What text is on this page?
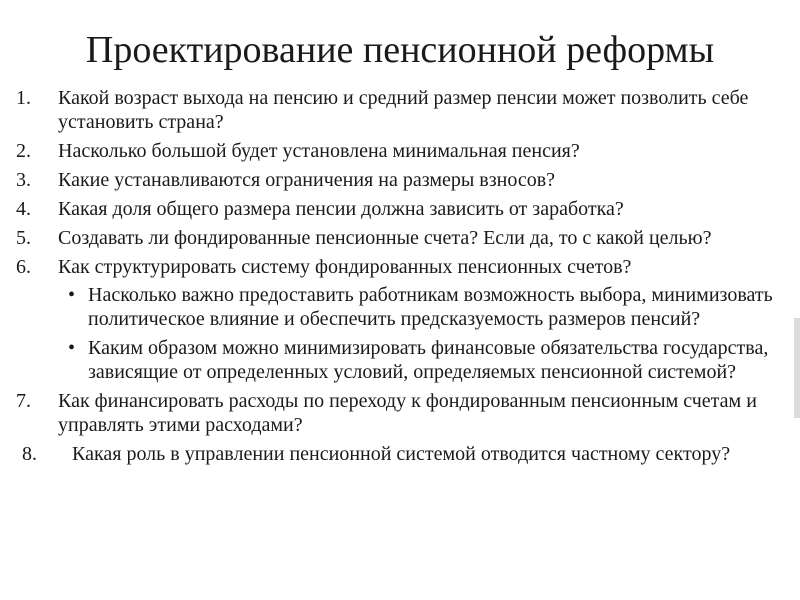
Проектирование пенсионной реформы
1.	Какой возраст выхода на пенсию и средний размер пенсии может позволить себе установить страна?
2.	Насколько большой будет установлена минимальная пенсия?
3.	Какие устанавливаются ограничения на размеры взносов?
4.	Какая доля общего размера пенсии должна зависить от заработка?
5.	Создавать ли фондированные пенсионные счета? Если да, то с какой целью?
6.	Как структурировать систему фондированных пенсионных счетов?
• Насколько важно предоставить работникам возможность выбора, минимизовать политическое влияние и обеспечить предсказуемость размеров пенсий?
• Каким образом можно минимизировать финансовые обязательства государства, зависящие от определенных условий, определяемых пенсионной системой?
7.	Как финансировать расходы по переходу к фондированным пенсионным счетам и управлять этими расходами?
8.	Какая роль в управлении пенсионной системой отводится частному сектору?
